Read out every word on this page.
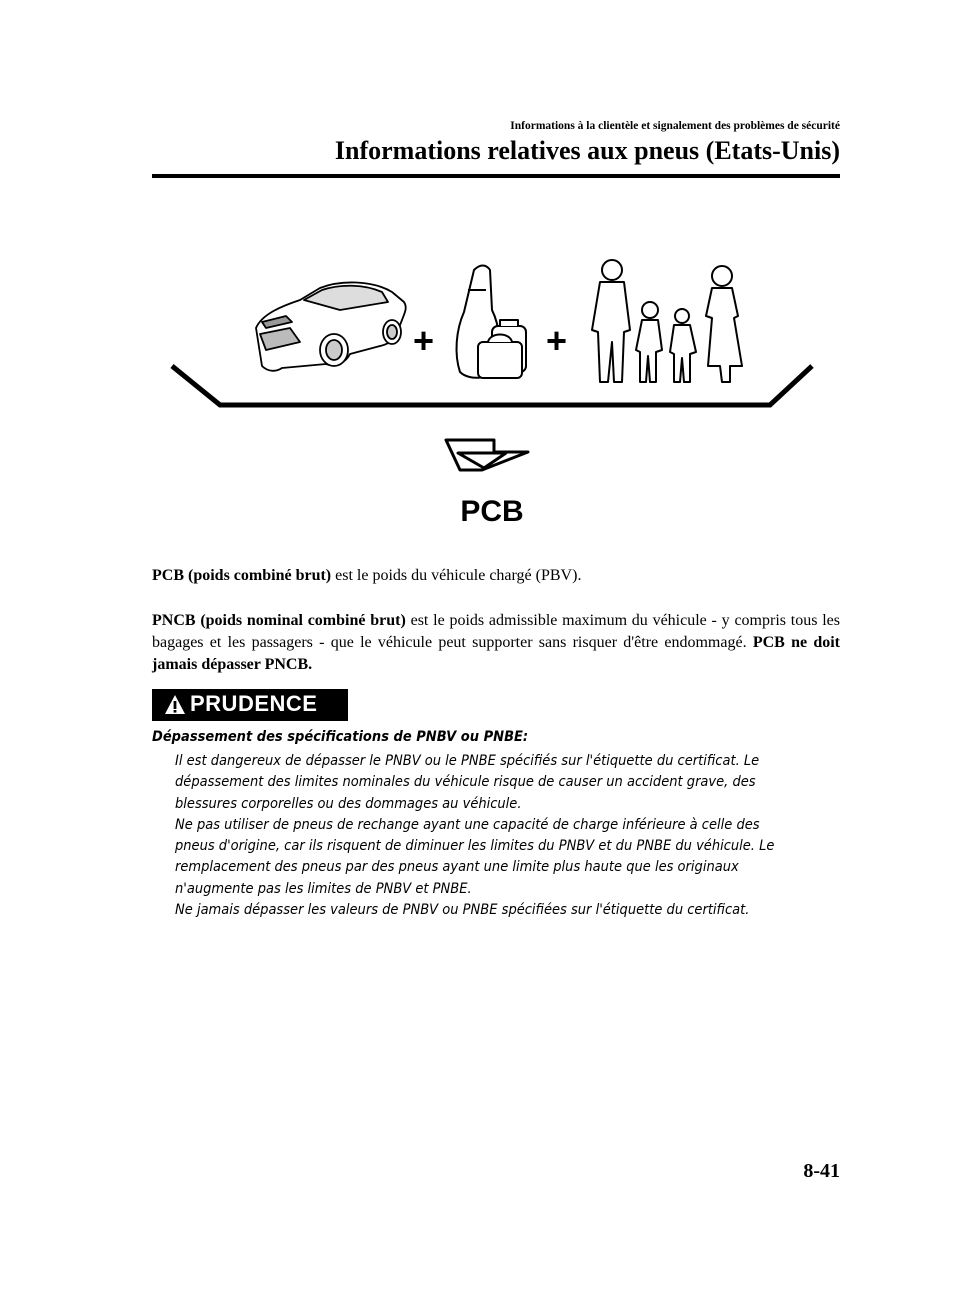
Informations à la clientèle et signalement des problèmes de sécurité
Informations relatives aux pneus (Etats-Unis)
+	+
PCB
PCB (poids combiné brut) est le poids du véhicule chargé (PBV).
PNCB (poids nominal combiné brut) est le poids admissible maximum du véhicule - y compris tous les bagages et les passagers - que le véhicule peut supporter sans risquer d'être endommagé. PCB ne doit jamais dépasser PNCB.
PRUDENCE
Dépassement des spécifications de PNBV ou PNBE:

Il est dangereux de dépasser le PNBV ou le PNBE spécifiés sur l'étiquette du certificat. Le dépassement des limites nominales du véhicule risque de causer un accident grave, des blessures corporelles ou des dommages au véhicule.

Ne pas utiliser de pneus de rechange ayant une capacité de charge inférieure à celle des pneus d'origine, car ils risquent de diminuer les limites du PNBV et du PNBE du véhicule. Le remplacement des pneus par des pneus ayant une limite plus haute que les originaux n'augmente pas les limites de PNBV et PNBE.

Ne jamais dépasser les valeurs de PNBV ou PNBE spécifiées sur l'étiquette du certificat.

8-41
